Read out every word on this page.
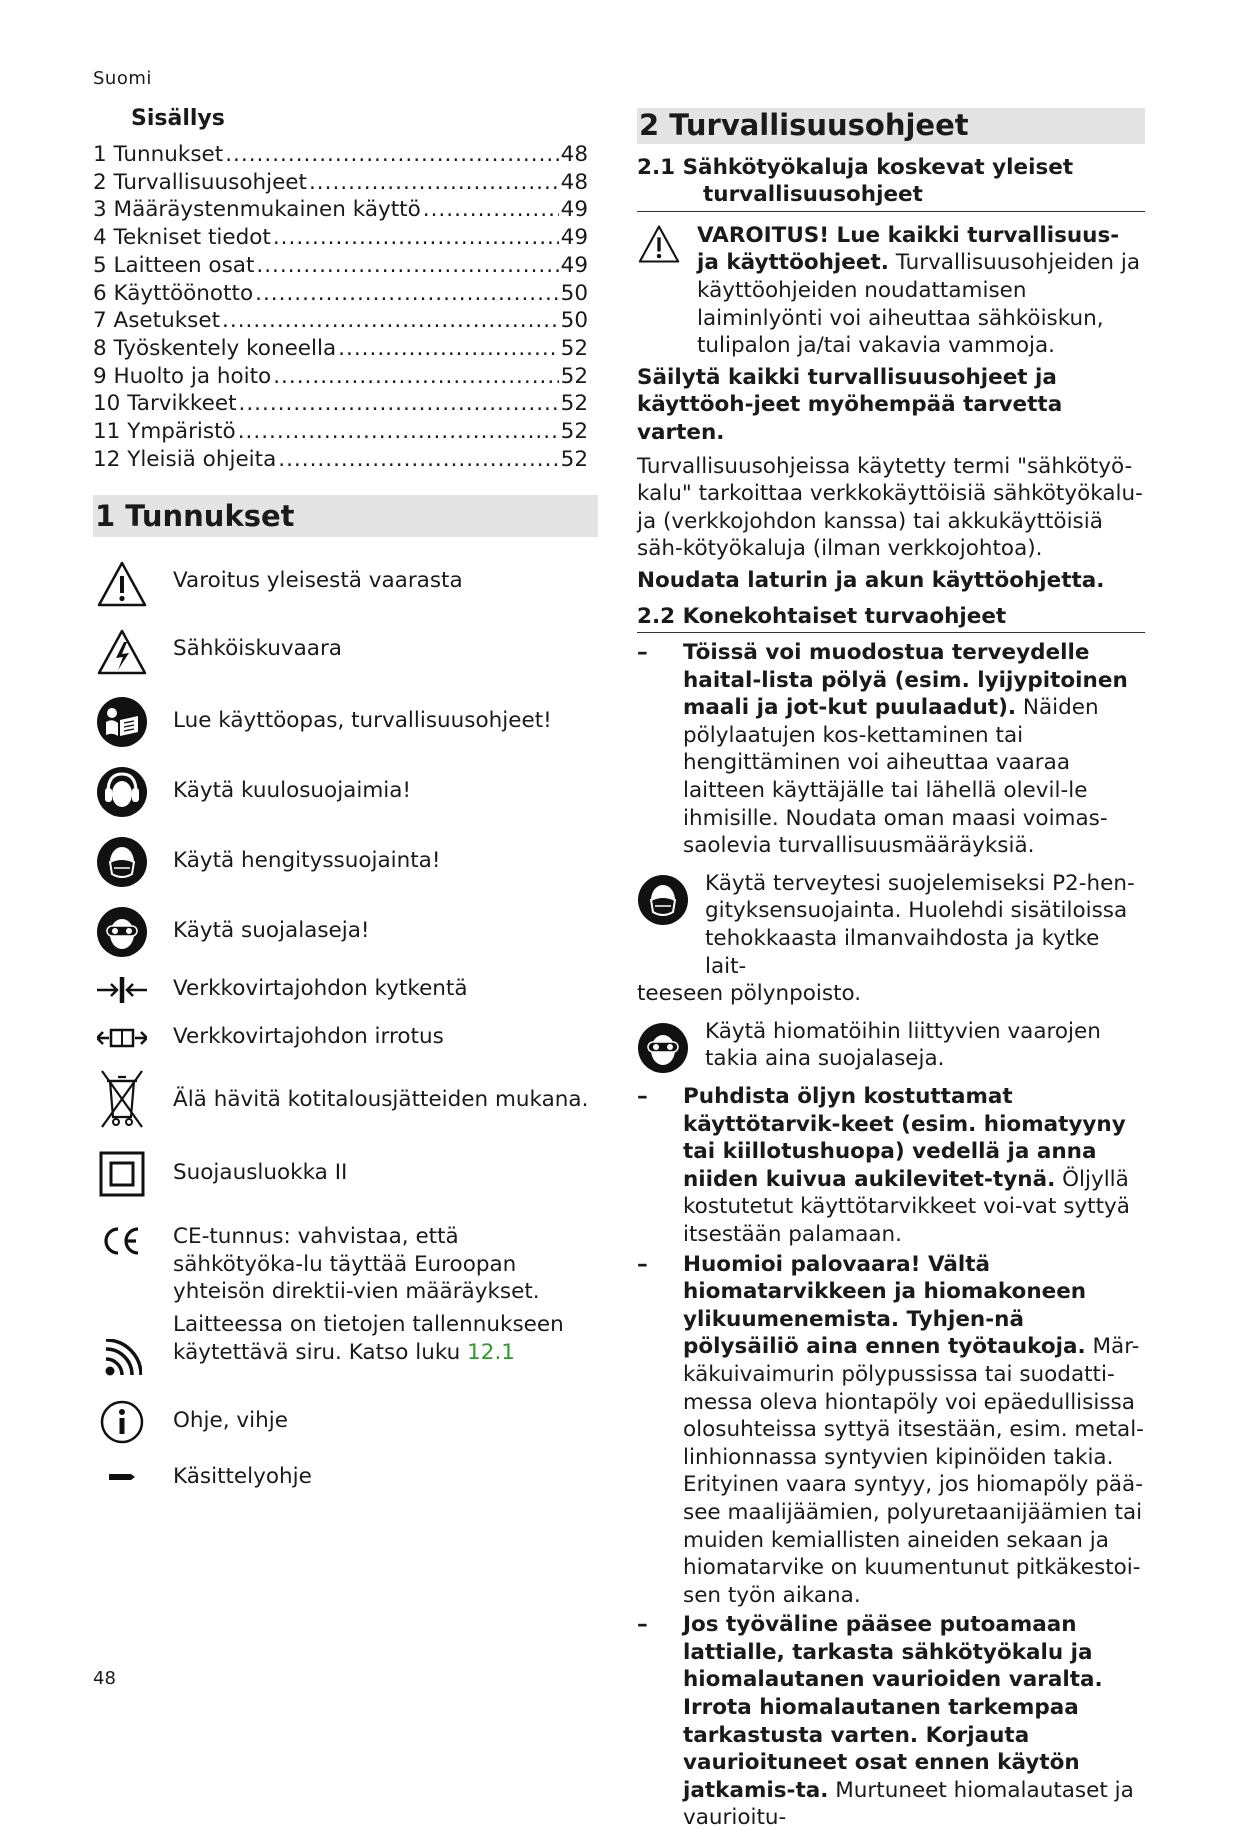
Suomi
Sisällys
1 Tunnukset .....	48
2 Turvallisuusohjeet .....	48
3 Määräystenmukainen käyttö .....	49
4 Tekniset tiedot .....	49
5 Laitteen osat .....	49
6 Käyttöönotto .....	50
7 Asetukset .....	50
8 Työskentely koneella .....	52
9 Huolto ja hoito .....	52
10 Tarvikkeet .....	52
11 Ympäristö .....	52
12 Yleisiä ohjeita .....	52
1 Tunnukset
Varoitus yleisestä vaarasta
Sähköiskuvaara
Lue käyttöopas, turvallisuusohjeet!
Käytä kuulosuojaimia!
Käytä hengityssuojainta!
Käytä suojalaseja!
Verkkovirtajohdon kytkentä
Verkkovirtajohdon irrotus
Älä hävitä kotitalousjätteiden mukana.
Suojausluokka II
CE-tunnus: vahvistaa, että sähkötyöka-lu täyttää Euroopan yhteisön direktii-vien määräykset.
Laitteessa on tietojen tallennukseen käytettävä siru. Katso luku 12.1
Ohje, vihje
Käsittelyohje
2 Turvallisuusohjeet
2.1 Sähkötyökaluja koskevat yleiset
turvallisuusohjeet

VAROITUS! Lue kaikki turvallisuus- ja käyttöohjeet. Turvallisuusohjeiden ja käyttöohjeiden noudattamisen laiminlyönti voi aiheuttaa sähköiskun, tulipalon ja/tai vakavia vammoja.

Säilytä kaikki turvallisuusohjeet ja käyttöoh-jeet myöhempää tarvetta varten.

Turvallisuusohjeissa käytetty termi "sähkötyö-kalu" tarkoittaa verkkokäyttöisiä sähkötyökalu-ja (verkkojohdon kanssa) tai akkukäyttöisiä säh-kötyökaluja (ilman verkkojohtoa).

Noudata laturin ja akun käyttöohjetta.

2.2 Konekohtaiset turvaohjeet

– Töissä voi muodostua terveydelle haital-lista pölyä (esim. lyijypitoinen maali ja jot-kut puulaadut). Näiden pölylaatujen kos-kettaminen tai hengittäminen voi aiheuttaa vaaraa laitteen käyttäjälle tai lähellä olevil-le ihmisille. Noudata oman maasi voimas-saolevia turvallisuusmääräyksiä.

Käytä terveytesi suojelemiseksi P2-hen-gityksensuojainta. Huolehdi sisätiloissa tehokkaasta ilmanvaihdosta ja kytke lait-

teeseen pölynpoisto.

Käytä hiomatöihin liittyvien vaarojen takia aina suojalaseja.

– Puhdista öljyn kostuttamat käyttötarvik-keet (esim. hiomatyyny tai kiillotushuopa) vedellä ja anna niiden kuivua aukilevitet-tynä. Öljyllä kostutetut käyttötarvikkeet voi-vat syttyä itsestään palamaan.

– Huomioi palovaara! Vältä hiomatarvikkeen ja hiomakoneen ylikuumenemista. Tyhjen-nä pölysäiliö aina ennen työtaukoja. Mär-käkuivaimurin pölypussissa tai suodatti-messa oleva hiontapöly voi epäedullisissa olosuhteissa syttyä itsestään, esim. metal-linhionnassa syntyvien kipinöiden takia. Erityinen vaara syntyy, jos hiomapöly pää-see maalijäämien, polyuretaanijäämien tai muiden kemiallisten aineiden sekaan ja hiomatarvike on kuumentunut pitkäkestoi-sen työn aikana.

– Jos työväline pääsee putoamaan lattialle, tarkasta sähkötyökalu ja hiomalautanen vaurioiden varalta. Irrota hiomalautanen tarkempaa tarkastusta varten. Korjauta vaurioituneet osat ennen käytön jatkamis-ta. Murtuneet hiomalautaset ja vaurioitu-

48
